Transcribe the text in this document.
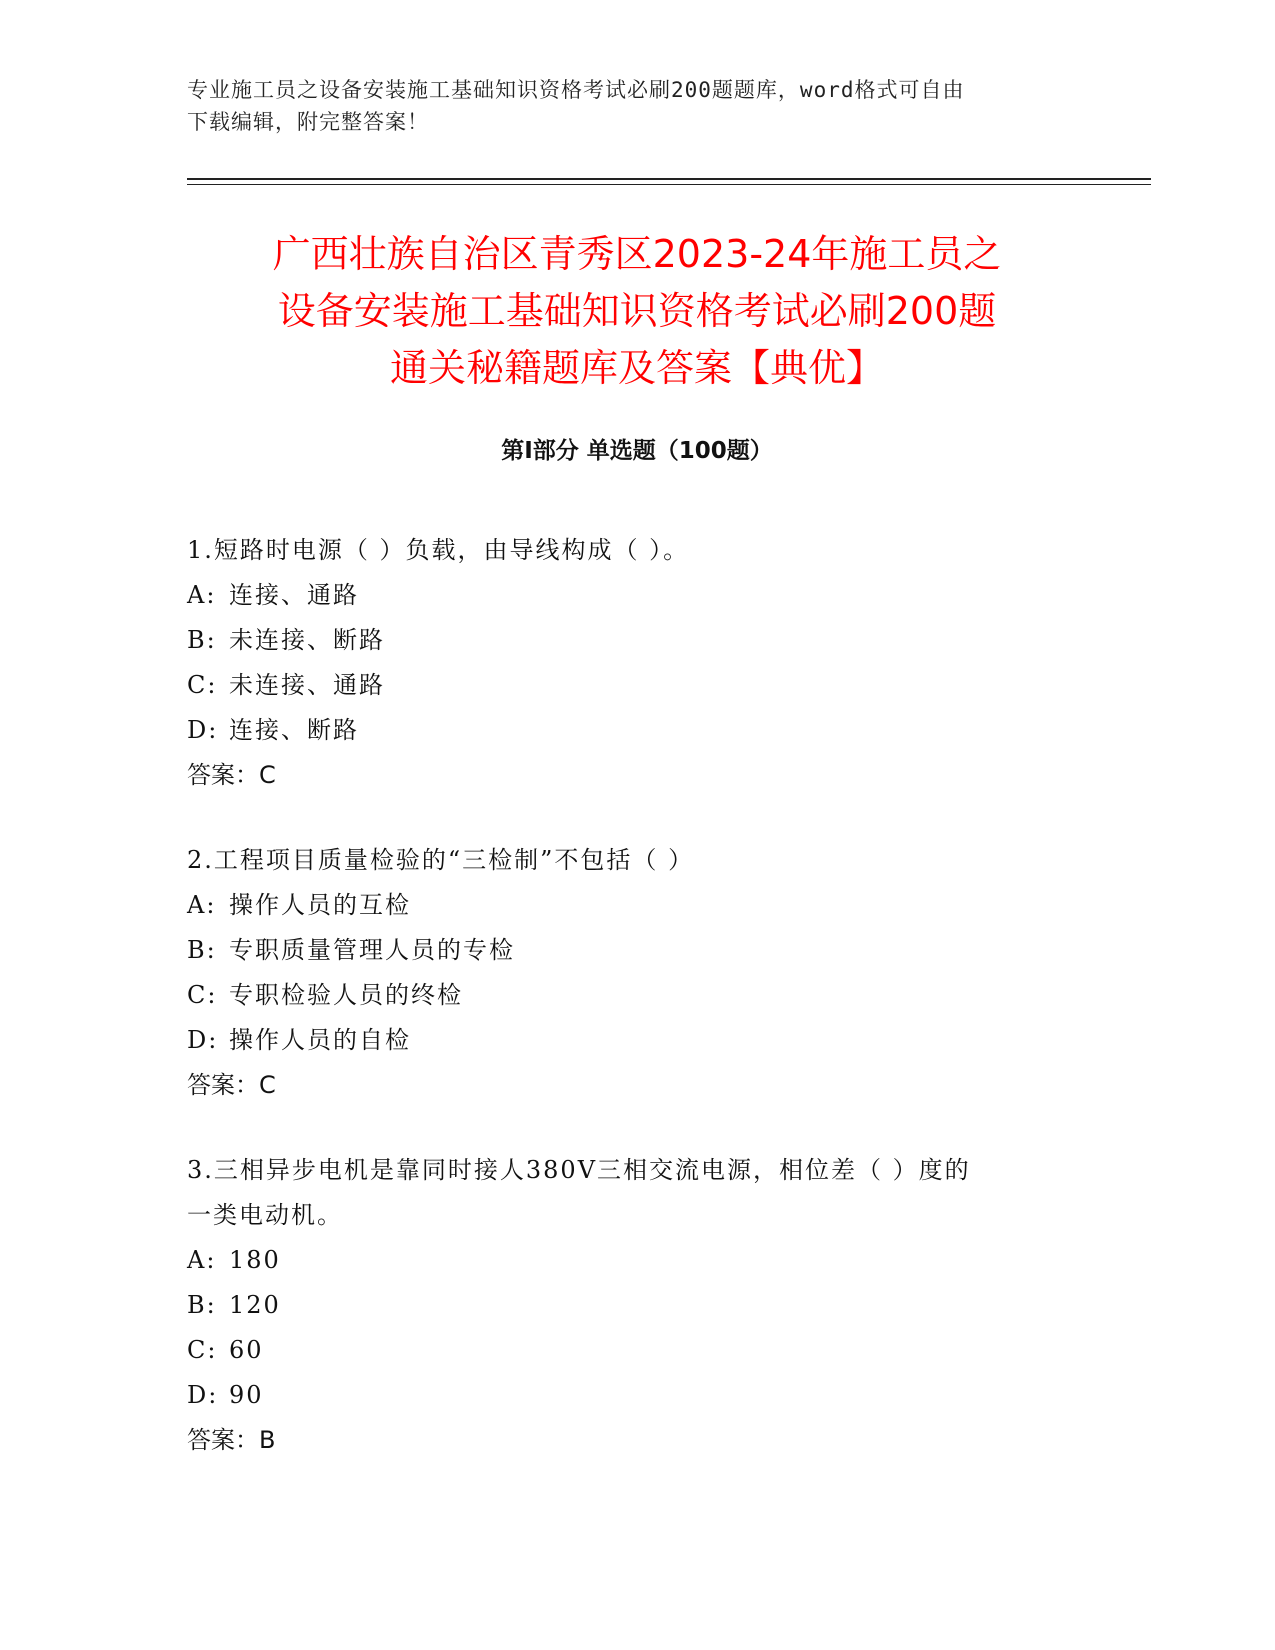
专业施工员之设备安装施工基础知识资格考试必刷200题题库，word格式可自由
下载编辑，附完整答案！
广西壮族自治区青秀区2023-24年施工员之
设备安装施工基础知识资格考试必刷200题
通关秘籍题库及答案【典优】
第Ⅰ部分 单选题（100题）
1.短路时电源（ ）负载，由导线构成（ ）。
A: 连接、通路
B: 未连接、断路
C: 未连接、通路
D: 连接、断路
答案：C
2.工程项目质量检验的“三检制”不包括（ ）
A: 操作人员的互检
B: 专职质量管理人员的专检
C: 专职检验人员的终检
D: 操作人员的自检
答案：C
3.三相异步电机是靠同时接人380V三相交流电源，相位差（ ）度的
一类电动机。
A: 180
B: 120
C: 60
D: 90
答案：B
